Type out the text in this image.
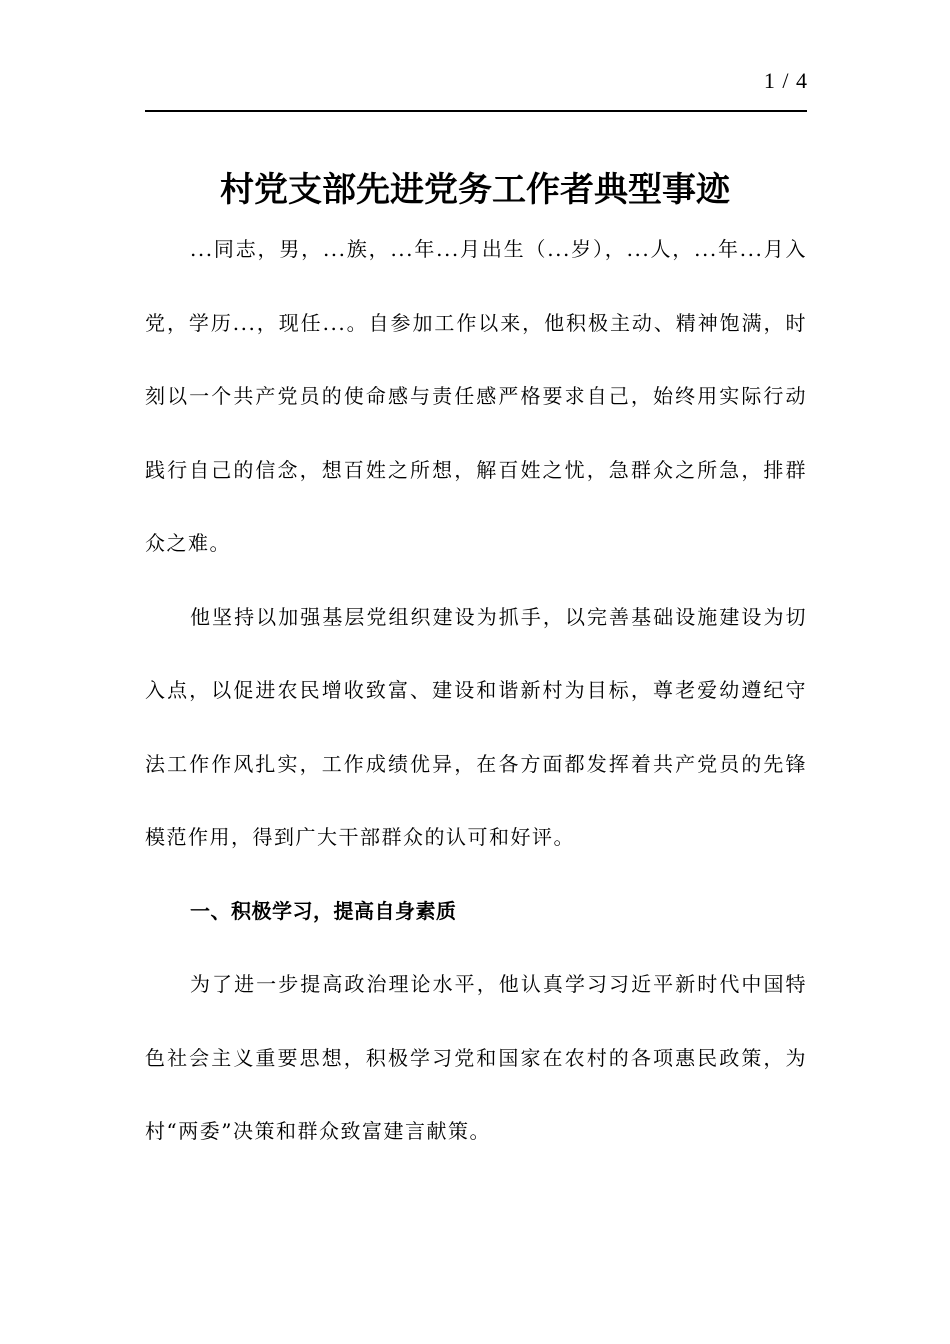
1 / 4
村党支部先进党务工作者典型事迹

...同志，男，...族，...年...月出生（...岁），...人，...年...月入党，学历...，现任...。自参加工作以来，他积极主动、精神饱满，时刻以一个共产党员的使命感与责任感严格要求自己，始终用实际行动践行自己的信念，想百姓之所想，解百姓之忧，急群众之所急，排群众之难。

他坚持以加强基层党组织建设为抓手，以完善基础设施建设为切入点，以促进农民增收致富、建设和谐新村为目标，尊老爱幼遵纪守法工作作风扎实，工作成绩优异，在各方面都发挥着共产党员的先锋模范作用，得到广大干部群众的认可和好评。

一、积极学习，提高自身素质

为了进一步提高政治理论水平，他认真学习习近平新时代中国特色社会主义重要思想，积极学习党和国家在农村的各项惠民政策，为村“两委”决策和群众致富建言献策。
